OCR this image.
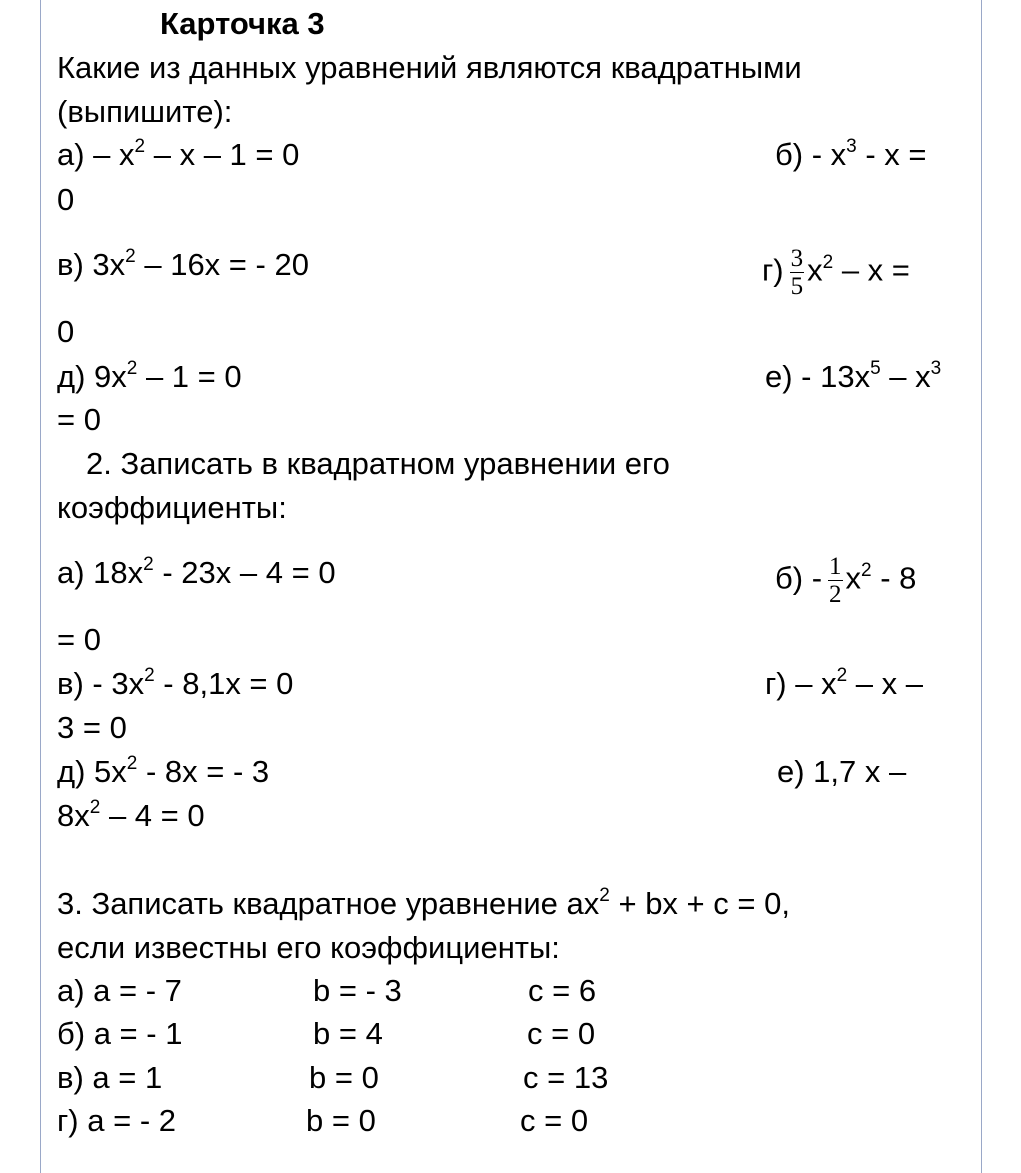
Карточка 3
Какие из данных уравнений являются квадратными
(выпишите):
$а) - х^2 - х - 1 = 0$	$б) - х^3$ - х =
0
в) $3х^2 - 16х$ = - 20	$г) \frac{3}{5} х^2$ – х =
0
д) $9х^2 - 1 = 0$	$е) - 13х^5 - х^3$
= 0
2. Записать в квадратном уравнении его
коэффициенты:
а) $18х^2 - 23х - 4 = 0$	$б) - \frac{1}{2} х^2 - 8$
= 0
$в) - 3х^2 - 8,1х = 0$	$г) - х^2$ – х –
3 = 0
д) $5х^2 - 8х$ = - 3	е) 1,7 х –
$8х^2 - 4 = 0$
3. Записать квадратное уравнение $ах^2$ + bх + с = 0,
если известны его коэффициенты:
а) а = - 7	b = - 3	с = 6
б) а = - 1	b = 4	с = 0
в) а = 1	b = 0	с = 13
г) а = - 2	b = 0	с = 0
